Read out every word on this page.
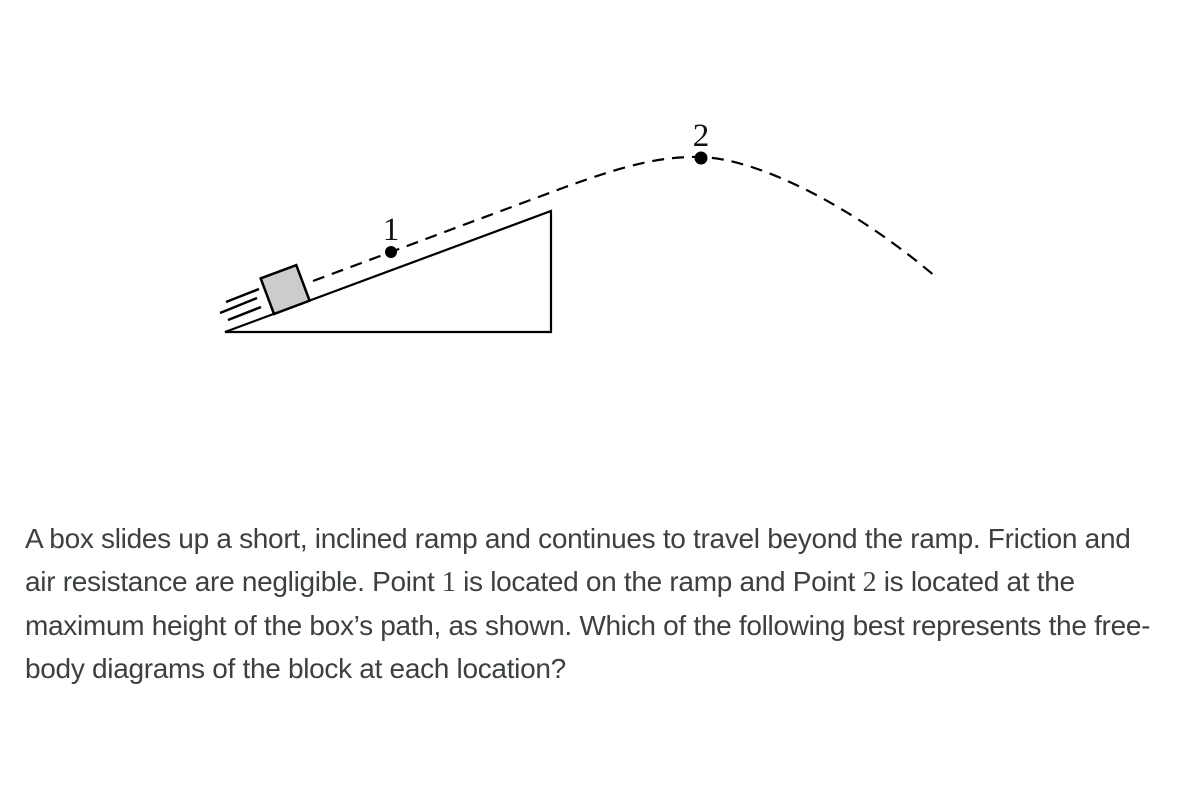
1
2

A box slides up a short, inclined ramp and continues to travel beyond the ramp. Friction and air resistance are negligible. Point 1 is located on the ramp and Point 2 is located at the maximum height of the box’s path, as shown. Which of the following best represents the free-body diagrams of the block at each location?
